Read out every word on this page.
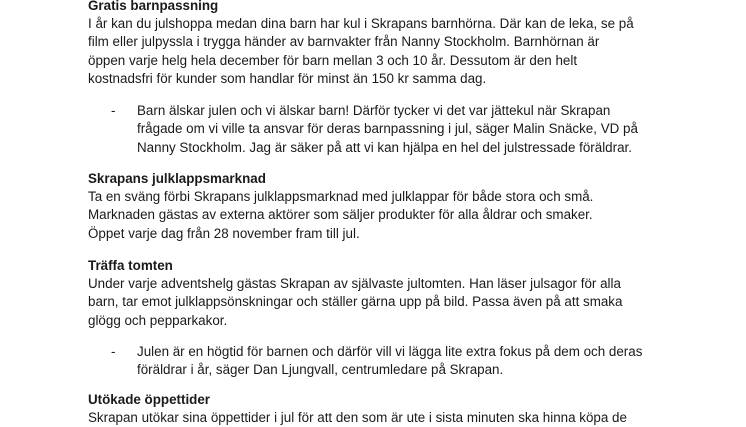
Gratis barnpassning

I år kan du julshoppa medan dina barn har kul i Skrapans barnhörna. Där kan de leka, se på
film eller julpyssla i trygga händer av barnvakter från Nanny Stockholm. Barnhörnan är
öppen varje helg hela december för barn mellan 3 och 10 år. Dessutom är den helt
kostnadsfri för kunder som handlar för minst än 150 kr samma dag.

- Barn älskar julen och vi älskar barn! Därför tycker vi det var jättekul när Skrapan
frågade om vi ville ta ansvar för deras barnpassning i jul, säger Malin Snäcke, VD på
Nanny Stockholm. Jag är säker på att vi kan hjälpa en hel del julstressade föräldrar.
Skrapans julklappsmarknad

Ta en sväng förbi Skrapans julklappsmarknad med julklappar för både stora och små.
Marknaden gästas av externa aktörer som säljer produkter för alla åldrar och smaker.
Öppet varje dag från 28 november fram till jul.

Träffa tomten

Under varje adventshelg gästas Skrapan av självaste jultomten. Han läser julsagor för alla
barn, tar emot julklappsönskningar och ställer gärna upp på bild. Passa även på att smaka
glögg och pepparkakor.

- Julen är en högtid för barnen och därför vill vi lägga lite extra fokus på dem och deras
föräldrar i år, säger Dan Ljungvall, centrumledare på Skrapan.
Utökade öppettider

Skrapan utökar sina öppettider i jul för att den som är ute i sista minuten ska hinna köpa de
